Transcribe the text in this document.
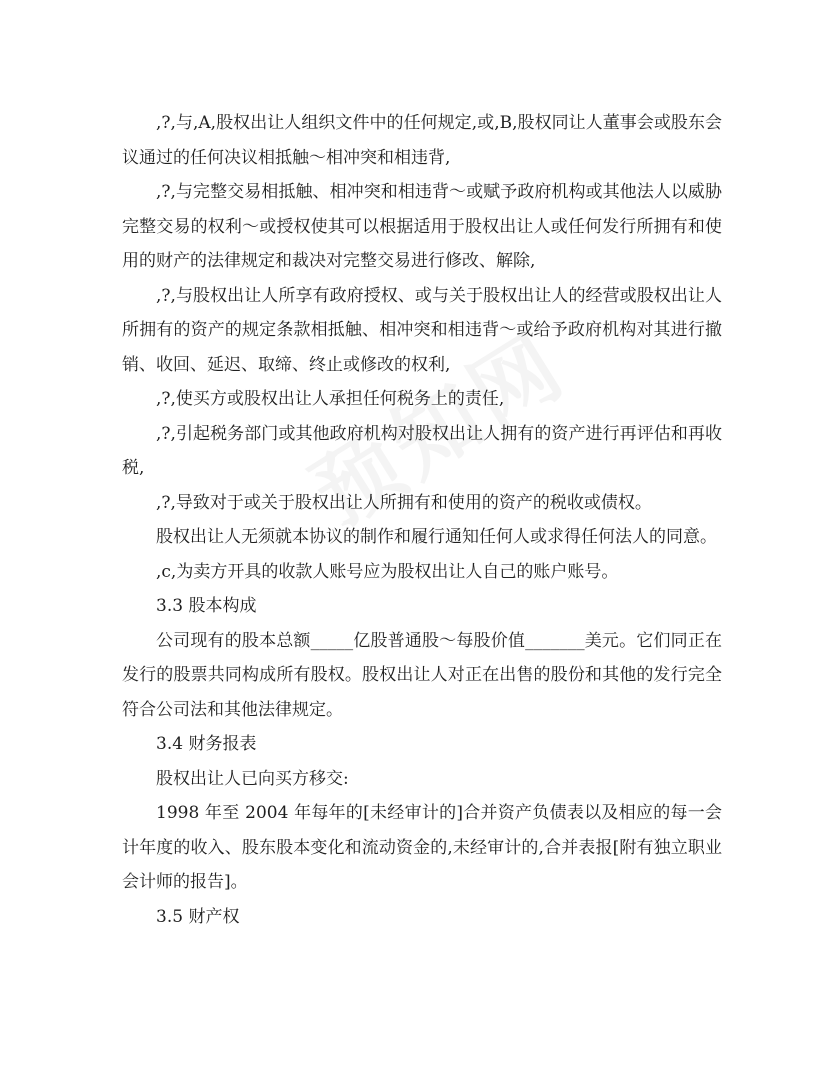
,?,与,A,股权出让人组织文件中的任何规定,或,B,股权同让人董事会或股东会议通过的任何决议相抵触～相冲突和相违背,

,?,与完整交易相抵触、相冲突和相违背～或赋予政府机构或其他法人以威胁完整交易的权利～或授权使其可以根据适用于股权出让人或任何发行所拥有和使用的财产的法律规定和裁决对完整交易进行修改、解除,

,?,与股权出让人所享有政府授权、或与关于股权出让人的经营或股权出让人所拥有的资产的规定条款相抵触、相冲突和相违背～或给予政府机构对其进行撤销、收回、延迟、取缔、终止或修改的权利,

,?,使买方或股权出让人承担任何税务上的责任,

,?,引起税务部门或其他政府机构对股权出让人拥有的资产进行再评估和再收税,

,?,导致对于或关于股权出让人所拥有和使用的资产的税收或债权。

股权出让人无须就本协议的制作和履行通知任何人或求得任何法人的同意。

,c,为卖方开具的收款人账号应为股权出让人自己的账户账号。

3.3 股本构成

公司现有的股本总额_____亿股普通股～每股价值_______美元。它们同正在发行的股票共同构成所有股权。股权出让人对正在出售的股份和其他的发行完全符合公司法和其他法律规定。

3.4 财务报表

股权出让人已向买方移交:

1998 年至 2004 年每年的[未经审计的]合并资产负债表以及相应的每一会计年度的收入、股东股本变化和流动资金的,未经审计的,合并表报[附有独立职业会计师的报告]。

3.5 财产权
